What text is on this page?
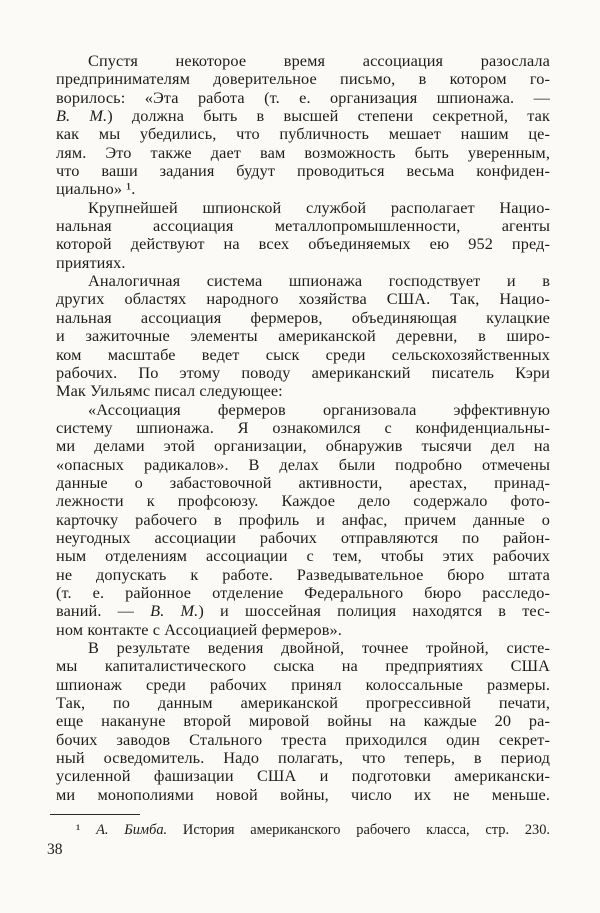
Спустя некоторое время ассоциация разослала
предпринимателям доверительное письмо, в котором го-
ворилось: «Эта работа (т. е. организация шпионажа. —
В. М.) должна быть в высшей степени секретной, так
как мы убедились, что публичность мешает нашим це-
лям. Это также дает вам возможность быть уверенным,
что ваши задания будут проводиться весьма конфиден-
циально» ¹.
Крупнейшей шпионской службой располагает Нацио-
нальная ассоциация металлопромышленности, агенты
которой действуют на всех объединяемых ею 952 пред-
приятиях.
Аналогичная система шпионажа господствует и в
других областях народного хозяйства США. Так, Нацио-
нальная ассоциация фермеров, объединяющая кулацкие
и зажиточные элементы американской деревни, в широ-
ком масштабе ведет сыск среди сельскохозяйственных
рабочих. По этому поводу американский писатель Кэри
Мак Уильямс писал следующее:
«Ассоциация фермеров организовала эффективную
систему шпионажа. Я ознакомился с конфиденциальны-
ми делами этой организации, обнаружив тысячи дел на
«опасных радикалов». В делах были подробно отмечены
данные о забастовочной активности, арестах, принад-
лежности к профсоюзу. Каждое дело содержало фото-
карточку рабочего в профиль и анфас, причем данные о
неугодных ассоциации рабочих отправляются по район-
ным отделениям ассоциации с тем, чтобы этих рабочих
не допускать к работе. Разведывательное бюро штата
(т. е. районное отделение Федерального бюро расследо-
ваний. — В. М.) и шоссейная полиция находятся в тес-
ном контакте с Ассоциацией фермеров».
В результате ведения двойной, точнее тройной, систе-
мы капиталистического сыска на предприятиях США
шпионаж среди рабочих принял колоссальные размеры.
Так, по данным американской прогрессивной печати,
еще накануне второй мировой войны на каждые 20 ра-
бочих заводов Стального треста приходился один секрет-
ный осведомитель. Надо полагать, что теперь, в период
усиленной фашизации США и подготовки американски-
ми монополиями новой войны, число их не меньше.
¹ А. Бимба. История американского рабочего класса, стр. 230.
38
